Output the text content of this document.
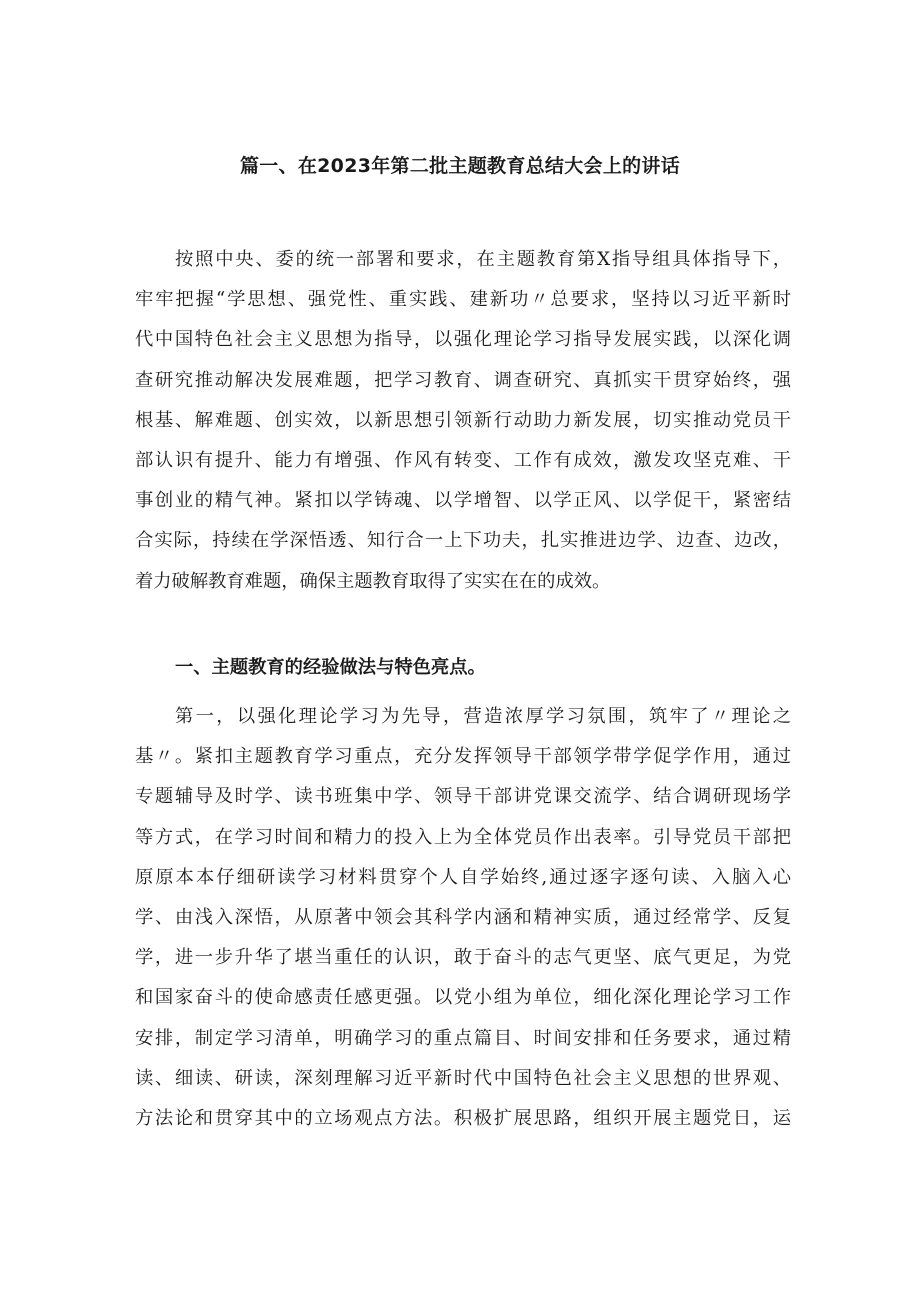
篇一、在2023年第二批主题教育总结大会上的讲话
按照中央、委的统一部署和要求，在主题教育第X指导组具体指导下，
牢牢把握“学思想、强党性、重实践、建新功〃总要求，坚持以习近平新时
代中国特色社会主义思想为指导，以强化理论学习指导发展实践，以深化调
查研究推动解决发展难题，把学习教育、调查研究、真抓实干贯穿始终，强
根基、解难题、创实效，以新思想引领新行动助力新发展，切实推动党员干
部认识有提升、能力有增强、作风有转变、工作有成效，激发攻坚克难、干
事创业的精气神。紧扣以学铸魂、以学增智、以学正风、以学促干，紧密结
合实际，持续在学深悟透、知行合一上下功夫，扎实推进边学、边查、边改，
着力破解教育难题，确保主题教育取得了实实在在的成效。
一、主题教育的经验做法与特色亮点。
第一，以强化理论学习为先导，营造浓厚学习氛围，筑牢了〃理论之
基〃。紧扣主题教育学习重点，充分发挥领导干部领学带学促学作用，通过
专题辅导及时学、读书班集中学、领导干部讲党课交流学、结合调研现场学
等方式，在学习时间和精力的投入上为全体党员作出表率。引导党员干部把
原原本本仔细研读学习材料贯穿个人自学始终,通过逐字逐句读、入脑入心
学、由浅入深悟，从原著中领会其科学内涵和精神实质，通过经常学、反复
学，进一步升华了堪当重任的认识，敢于奋斗的志气更坚、底气更足，为党
和国家奋斗的使命感责任感更强。以党小组为单位，细化深化理论学习工作
安排，制定学习清单，明确学习的重点篇目、时间安排和任务要求，通过精
读、细读、研读，深刻理解习近平新时代中国特色社会主义思想的世界观、
方法论和贯穿其中的立场观点方法。积极扩展思路，组织开展主题党日，运
